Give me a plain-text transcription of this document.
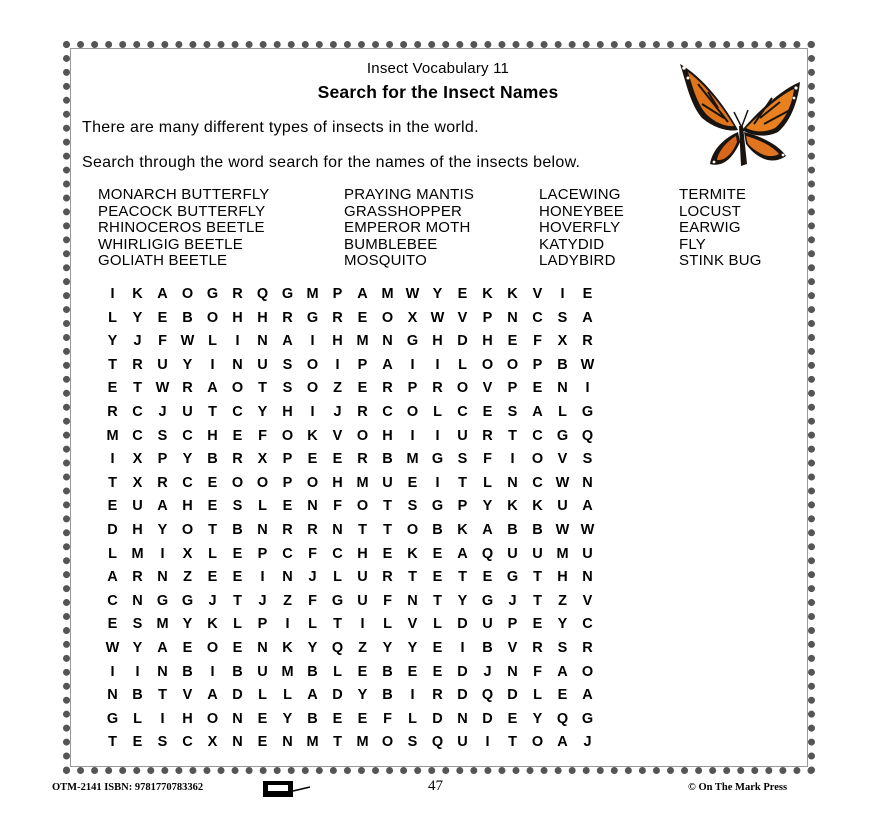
Insect Vocabulary 11
Search for the Insect Names
There are many different types of insects in the world.
Search through the word search for the names of the insects below.
MONARCH BUTTERFLY
PEACOCK BUTTERFLY
RHINOCEROS BEETLE
WHIRLIGIG BEETLE
GOLIATH BEETLE
PRAYING MANTIS
GRASSHOPPER
EMPEROR MOTH
BUMBLEBEE
MOSQUITO
LACEWING
HONEYBEE
HOVERFLY
KATYDID
LADYBIRD
TERMITE
LOCUST
EARWIG
FLY
STINK BUG
I	K	A O G R Q G M P	A M W Y	E	K	K	V	I	E
L	Y	E	B O H	H	R G R	E	O	X W V	P	N	C	S	A
Y	J	F W L	I	N	A	I	H M N G H	D	H	E	F	X	R
T	R	U	Y	I	N	U	S	O	I	P	A	I	I	L	O O	P	B W
E	T W R	A O	T	S	O	Z	E	R	P	R O	V	P	E	N	I
R	C	J	U	T	C	Y	H	I	J	R	C O	L	C	E	S	A	L	G
M C	S	C	H	E	F	O K	V	O H	I	I	U	R	T	C G Q
I	X	P	Y	B	R	X	P	E	E	R	B M G	S	F	I	O	V	S
T	X	R	C	E	O O	P	O H M U	E	I	T	L	N	C W N
E	U	A	H	E	S	L	E	N	F	O	T	S	G	P	Y	K	K	U	A
D	H	Y	O	T	B	N	R	R	N	T	T	O B	K	A	B	B W W
L	M	I	X	L	E	P	C	F	C	H	E	K	E	A Q U	U M U
A	R	N	Z	E	E	I	N	J	L	U	R	T	E	T	E	G	T	H	N
C	N G G	J	T	J	Z	F	G U	F	N	T	Y	G	J	T	Z	V
E	S M Y	K	L	P	I	L	T	I	L	V	L	D	U	P	E	Y	C
W Y	A	E	O	E	N	K	Y	Q	Z	Y	Y	E	I	B	V	R	S	R
I	I	N	B	I	B	U M B	L	E	B	E	E	D	J	N	F	A O
N	B	T	V	A	D	L	L	A	D	Y	B	I	R	D Q D	L	E	A
G	L	I	H O N	E	Y	B	E	E	F	L	D	N	D	E	Y	Q G
T	E	S	C	X	N	E	N M	T	M O	S	Q U	I	T	O A	J
OTM-2141 ISBN: 9781770783362	47	© On The Mark Press
